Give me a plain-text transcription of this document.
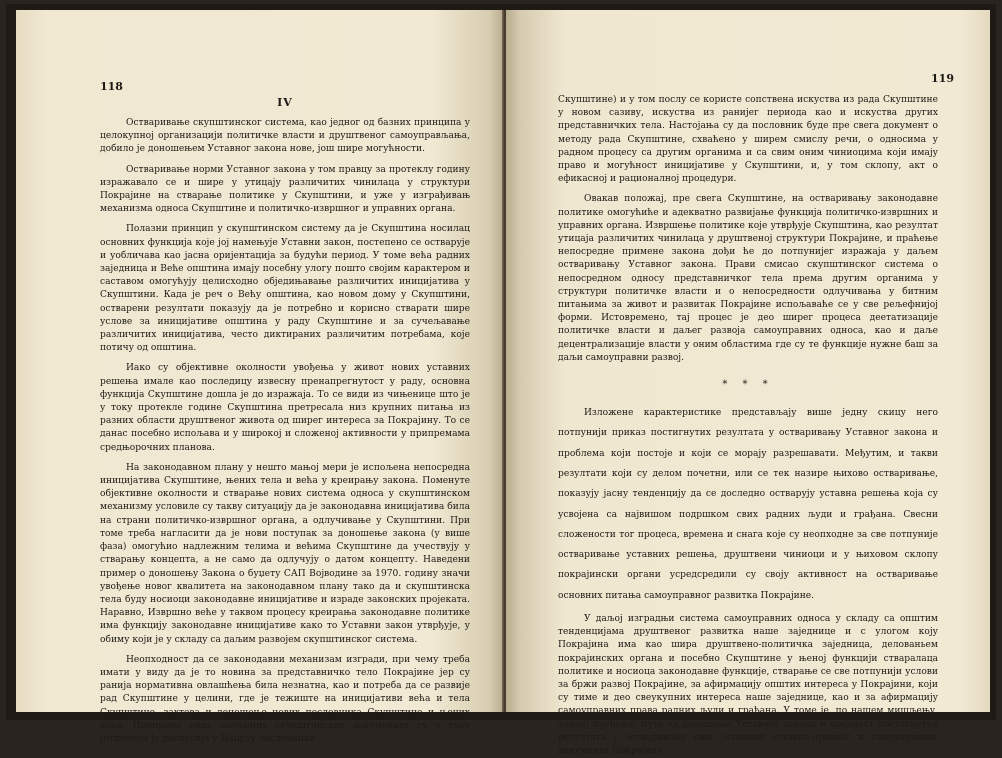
118
IV

Остваривање скупштинског система, као једног од базних принципа у целокупној организацији политичке власти и друштвеног самоуправљања, добило је доношењем Уставног закона нове, још шире могућности.

Остваривање норми Уставног закона у том правцу за протеклу годину изражавало се и шире у утицају различитих чинилаца у структури Покрајине на стварање политике у Скупштини, и уже у изграђивањ механизма односа Скупштине и политичко-извршног и управних органа.

Полазни принцип у скупштинском систему да је Скупштина носилац основних функција које јој намењује Уставни закон, постепено се остварује и уобличава као јасна оријентација за будући период. У томе већа радних заједница и Веће општина имају посебну улогу пошто својим карактером и саставом омогућују целисходно обједињавање различитих иницијатива у Скупштини. Када је реч о Већу општина, као новом дому у Скупштини, остварени резултати показују да је потребно и корисно стварати шире услове за иницијативе општина у раду Скупштине и за сучељавање различитих иницијатива, често диктираних различитим потребама, које потичу од општина.

Иако су објективне околности увођења у живот нових уставних решења имале као последицу извесну пренапрегнутост у раду, основна функција Скупштине дошла је до изражаја. То се види из чињенице што је у току протекле године Скупштина претресала низ крупних питања из разних области друштвеног живота од ширег интереса за Покрајину. То се данас посебно испољава и у широкој и сложеној активности у припремама средњорочних планова.

На законодавном плану у нешто мањој мери је испољена непосредна иницијатива Скупштине, њених тела и већа у креирању закона. Поменуте објективне околности и стварање нових система односа у скупштинском механизму условиле су такву ситуацију да је законодавна иницијатива била на страни политичко-извршног органа, а одлучивање у Скупштини. При томе треба нагласити да је нови поступак за доношење закона (у више фаза) омогућио надлежним телима и већима Скупштине да учествују у стварању концепта, а не само да одлучују о датом концепту. Наведени пример о доношењу Закона о буџету САП Војводине за 1970. годину значи увођење новог квалитета на законодавном плану тако да и скупштинска тела буду носиоци законодавне иницијативе и израде законских пројеката. Наравно, Извршно веће у таквом процесу креирања законодавне политике има функцију законодавне иницијативе како то Уставни закон утврђује, у обиму који је у складу са даљим развојем скупштинског система.

Неопходност да се законодавни механизам изгради, при чему треба имати у виду да је то новина за представничко тело Покрајине јер су ранија нормативна овлашћења била незнатна, као и потреба да се развије рад Скупштине у целини, где је тежиште на иницијативи већа и тела Скупштине, захтева и доношење нових пословника Скупштине и њених већа. Припреме ових значајних скупштинских докумената су у току (отпочела је дискусија у Нацрту пословника

119

Скупштине) и у том послу се користе сопствена искуства из рада Скупштине у новом сазиву, искуства из ранијег периода као и искуства других представничких тела. Настојања су да пословник буде пре свега документ о методу рада Скупштине, схваћено у ширем смислу речи, о односима у радном процесу са другим органима и са свим оним чиниоцима који имају право и могућност иницијативе у Скупштини, и, у том склопу, акт о ефикасној и рационалној процедури.

Овакав положај, пре свега Скупштине, на остваривању законодавне политике омогућиће и адекватно развијање функција политичко-извршних и управних органа. Извршење политике које утврђује Скупштина, као резултат утицаја различитих чинилаца у друштвеној структури Покрајине, и праћење непосредне примене закона дођи ће до потпунијег изражаја у даљем остваривању Уставног закона. Прави смисао скупштинског система о непосредном односу представничког тела према другим органима у структури политичке власти и о непосредности одлучивања у битним питањима за живот и развитак Покрајине испољаваће се у све рељефнијој форми. Истовремено, тај процес је део ширег процеса деетатизације политичке власти и даљег развоја самоуправних односа, као и даље децентрализације власти у оним областима где су те функције нужне баш за даљи самоуправни развој.

* * *

Изложене карактеристике представљају више једну скицу него потпунији приказ постигнутих резултата у остваривању Уставног закона и проблема који постоје и који се морају разрешавати. Међутим, и такви резултати који су делом почетни, или се тек назире њихово остваривање, показују јасну тенденцију да се доследно остварују уставна решења која су усвојена са највишом подршком свих радних људи и грађана. Свесни сложености тог процеса, времена и снага које су неопходне за све потпуније остваривање уставних решења, друштвени чиниоци и у њиховом склопу покрајински органи усредсредили су своју активност на остваривање основних питања самоуправног развитка Покрајине.

У даљој изградњи система самоуправних односа у складу са општим тенденцијама друштвеног развитка наше заједнице и с улогом коју Покрајина има као шира друштвено-политичка заједница, делованьем покрајинских органа и посебно Скупштине у њеној функцији стваралаца политике и носиоца законодавне функције, стварање се све потпунији услови за бржи развој Покрајине, за афирмацију општих интереса у Покрајини, који су тиме и део свеукупних интереса наше заједнице, као и за афирмацију самоуправних права радних људи и грађана. У томе је, по нашем мишљењу, значај пређеног пута од доношења Уставног закона и вредност постигнутих резултата у остваривању овог основног уставно-правног и самоуправног документа Покрајине.
